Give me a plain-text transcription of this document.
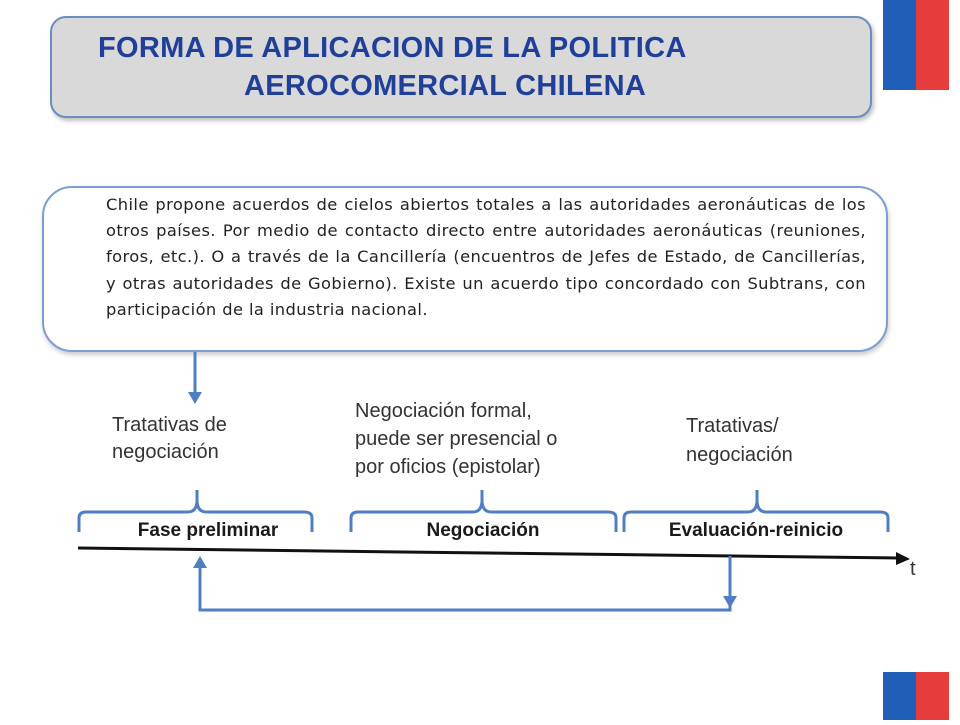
FORMA DE APLICACION DE LA POLITICA
AEROCOMERCIAL CHILENA
Chile propone acuerdos de cielos abiertos totales a las autoridades aeronáuticas de los otros países. Por medio de contacto directo entre autoridades aeronáuticas (reuniones, foros, etc.). O a través de la Cancillería (encuentros de Jefes de Estado, de Cancillerías, y otras autoridades de Gobierno). Existe un acuerdo tipo concordado con Subtrans, con participación de la industria nacional.
Tratativas de
negociación
Negociación formal,
puede ser presencial o
por oficios (epistolar)
Tratativas/
negociación
Fase preliminar	Negociación	Evaluación-reinicio
t
